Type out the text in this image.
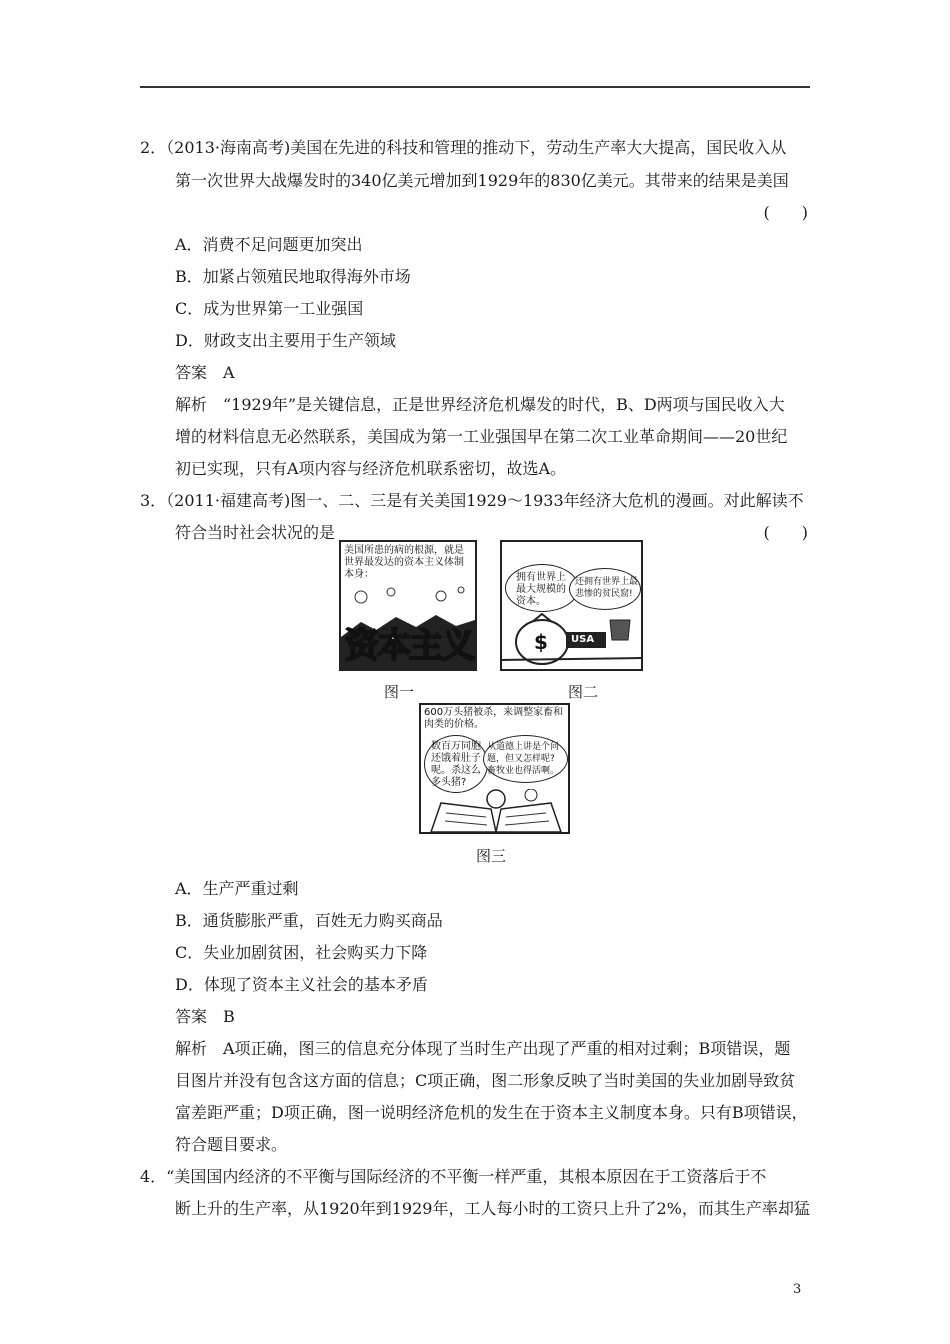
2．（2013·海南高考)美国在先进的科技和管理的推动下，劳动生产率大大提高，国民收入从
第一次世界大战爆发时的340亿美元增加到1929年的830亿美元。其带来的结果是美国
(　　)
A．消费不足问题更加突出
B．加紧占领殖民地取得海外市场
C．成为世界第一工业强国
D．财政支出主要用于生产领域
答案　A
解析　“1929年”是关键信息，正是世界经济危机爆发的时代，B、D两项与国民收入大
增的材料信息无必然联系，美国成为第一工业强国早在第二次工业革命期间——20世纪
初已实现，只有A项内容与经济危机联系密切，故选A。
3．（2011·福建高考)图一、二、三是有关美国1929～1933年经济大危机的漫画。对此解读不
符合当时社会状况的是	(　　)
美国所患的病的根源，就是
世界最发达的资本主义体制
本身：
资本主义
拥有世界上
最大规模的
资本。
还拥有世界上最
悲惨的贫民窟!
$ USA
图一	图二
600万头猪被杀，来调整家畜和
肉类的价格。
数百万同胞
还饿着肚子
呢。杀这么
多头猪?
从道德上讲是个问
题，但又怎样呢?
畜牧业也得活啊。
图三
A．生产严重过剩
B．通货膨胀严重，百姓无力购买商品
C．失业加剧贫困，社会购买力下降
D．体现了资本主义社会的基本矛盾
答案　B
解析　A项正确，图三的信息充分体现了当时生产出现了严重的相对过剩；B项错误，题
目图片并没有包含这方面的信息；C项正确，图二形象反映了当时美国的失业加剧导致贫
富差距严重；D项正确，图一说明经济危机的发生在于资本主义制度本身。只有B项错误，
符合题目要求。
4．“美国国内经济的不平衡与国际经济的不平衡一样严重，其根本原因在于工资落后于不
断上升的生产率，从1920年到1929年，工人每小时的工资只上升了2%，而其生产率却猛
3
